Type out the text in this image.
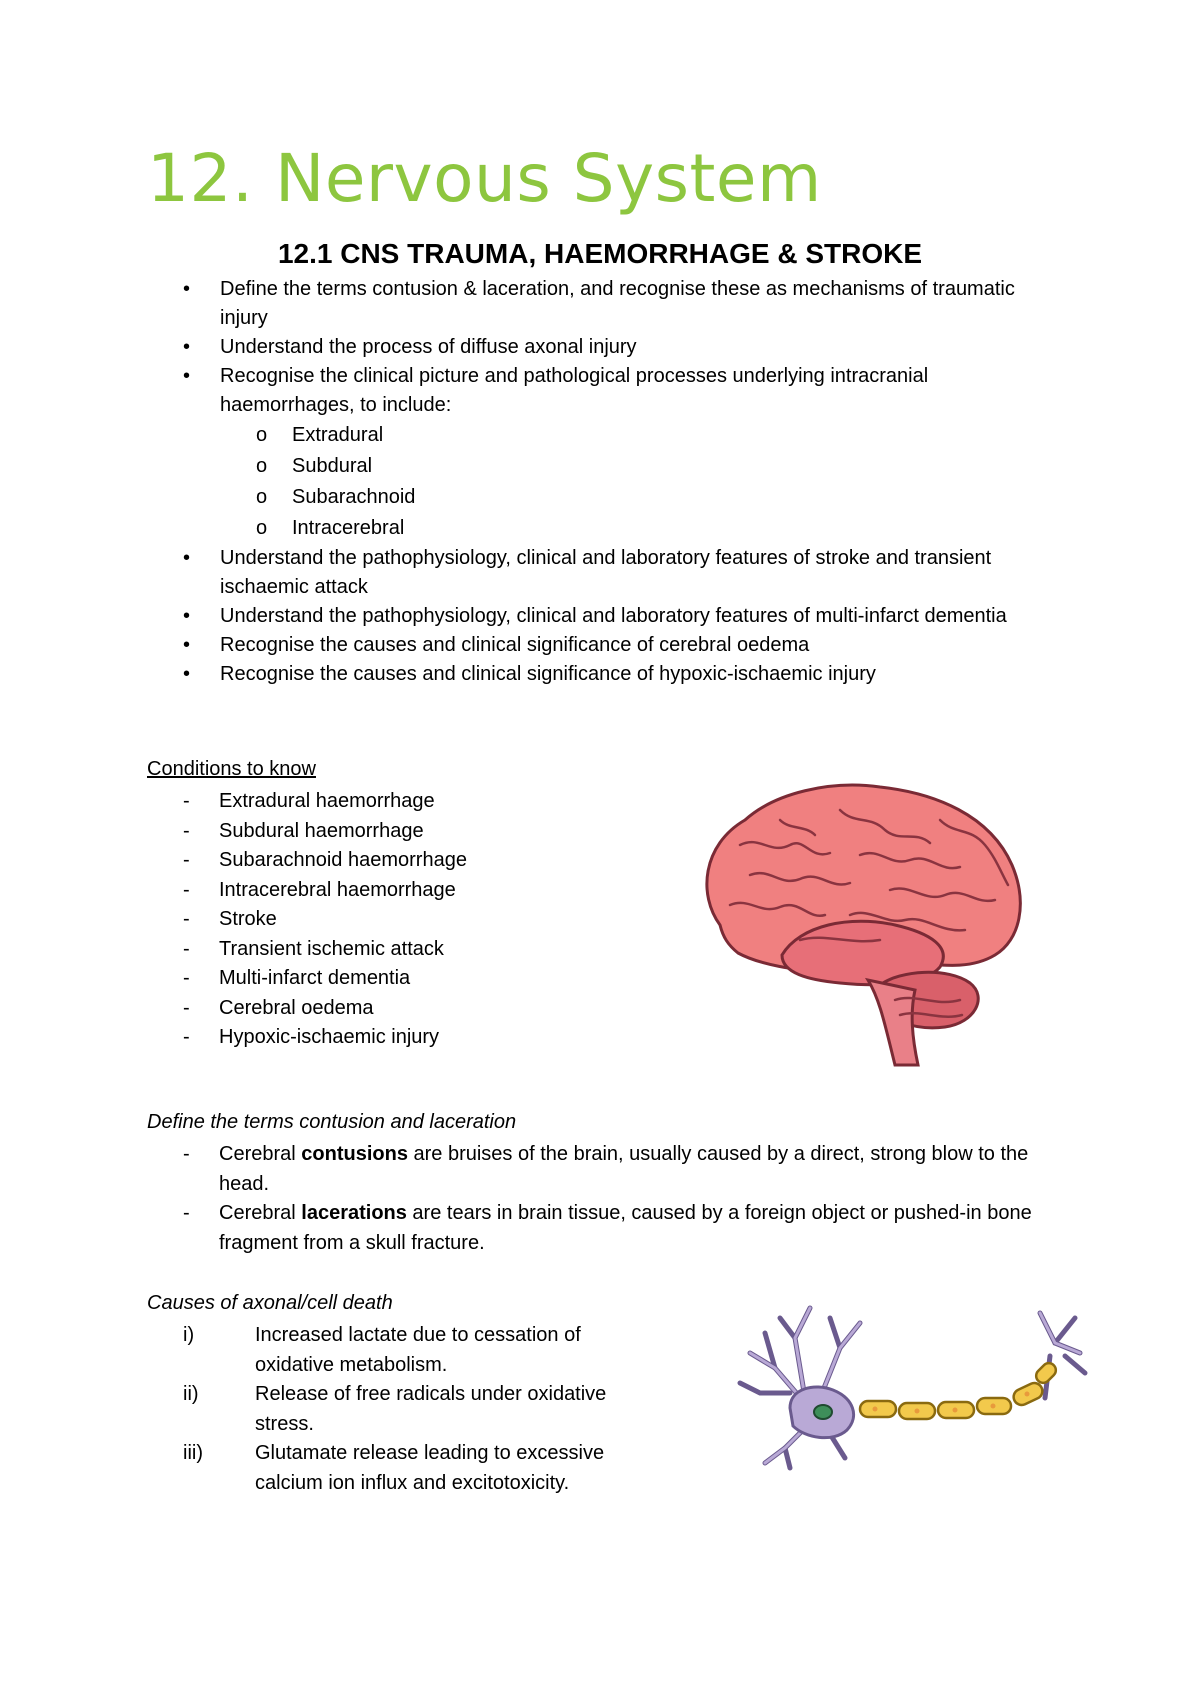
12. Nervous System
12.1 CNS TRAUMA, HAEMORRHAGE & STROKE
• Define the terms contusion & laceration, and recognise these as mechanisms of traumatic injury
• Understand the process of diffuse axonal injury
• Recognise the clinical picture and pathological processes underlying intracranial haemorrhages, to include:
o Extradural
o Subdural
o Subarachnoid
o Intracerebral
• Understand the pathophysiology, clinical and laboratory features of stroke and transient ischaemic attack
• Understand the pathophysiology, clinical and laboratory features of multi-infarct dementia
• Recognise the causes and clinical significance of cerebral oedema
• Recognise the causes and clinical significance of hypoxic-ischaemic injury
Conditions to know
- Extradural haemorrhage
- Subdural haemorrhage
- Subarachnoid haemorrhage
- Intracerebral haemorrhage
- Stroke
- Transient ischemic attack
- Multi-infarct dementia
- Cerebral oedema
- Hypoxic-ischaemic injury
Define the terms contusion and laceration
- Cerebral contusions are bruises of the brain, usually caused by a direct, strong blow to the head.
- Cerebral lacerations are tears in brain tissue, caused by a foreign object or pushed-in bone fragment from a skull fracture.
Causes of axonal/cell death
i)	Increased lactate due to cessation of oxidative metabolism.
ii)	Release of free radicals under oxidative stress.
iii)	Glutamate release leading to excessive calcium ion influx and excitotoxicity.
